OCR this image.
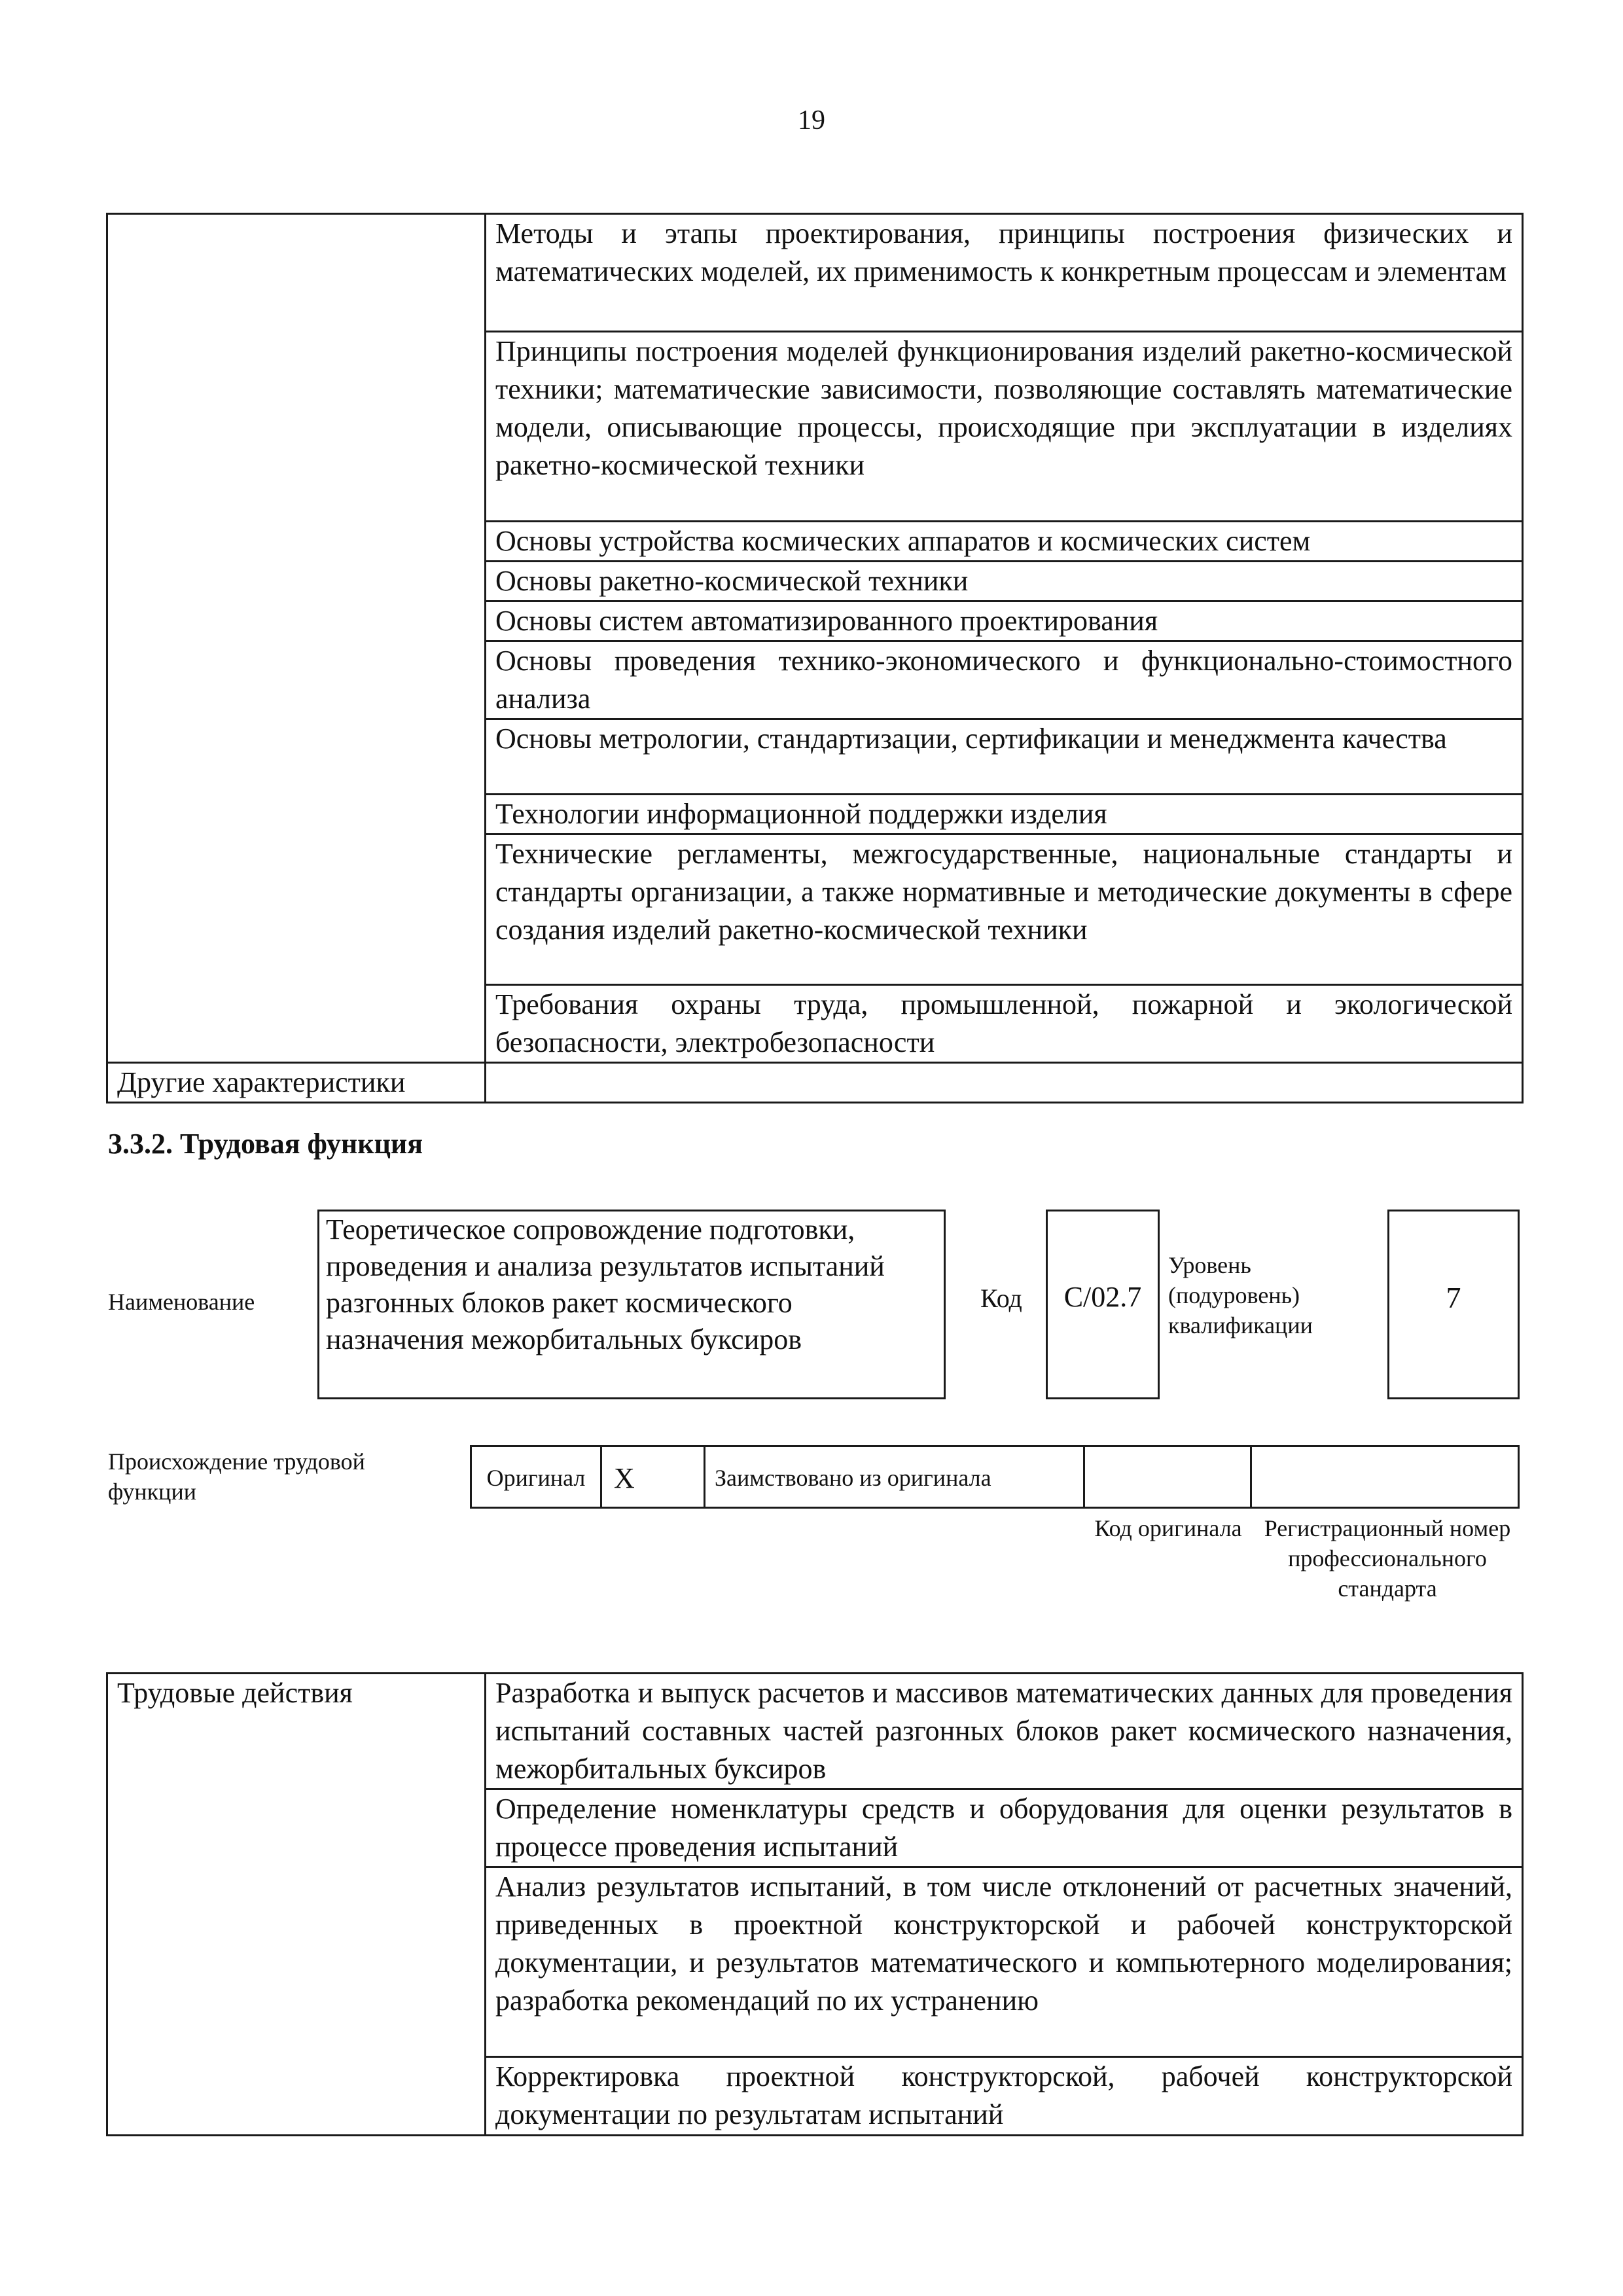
19
	Методы и этапы проектирования, принципы построения физических и математических моделей, их применимость к конкретным процессам и элементам
	Принципы построения моделей функционирования изделий ракетно-космической техники; математические зависимости, позволяющие составлять математические модели, описывающие процессы, происходящие при эксплуатации в изделиях ракетно-космической техники
	Основы устройства космических аппаратов и космических систем
	Основы ракетно-космической техники
	Основы систем автоматизированного проектирования
	Основы проведения технико-экономического и функционально-стоимостного анализа
	Основы метрологии, стандартизации, сертификации и менеджмента качества
	Технологии информационной поддержки изделия
	Технические регламенты, межгосударственные, национальные стандарты и стандарты организации, а также нормативные и методические документы в сфере создания изделий ракетно-космической техники
	Требования охраны труда, промышленной, пожарной и экологической безопасности, электробезопасности
Другие характеристики	
3.3.2. Трудовая функция
Наименование
Теоретическое сопровождение подготовки, проведения и анализа результатов испытаний разгонных блоков ракет космического назначения межорбитальных буксиров
Код	С/02.7
Уровень (подуровень) квалификации
7
Происхождение трудовой функции
Оригинал X	Заимствовано из оригинала
Код оригинала Регистрационный номер профессионального стандарта
Трудовые действия	Разработка и выпуск расчетов и массивов математических данных для проведения испытаний составных частей разгонных блоков ракет космического назначения, межорбитальных буксиров
Определение номенклатуры средств и оборудования для оценки результатов в процессе проведения испытаний
Анализ результатов испытаний, в том числе отклонений от расчетных значений, приведенных в проектной конструкторской и рабочей конструкторской документации, и результатов математического и компьютерного моделирования; разработка рекомендаций по их устранению
Корректировка проектной конструкторской, рабочей конструкторской документации по результатам испытаний
